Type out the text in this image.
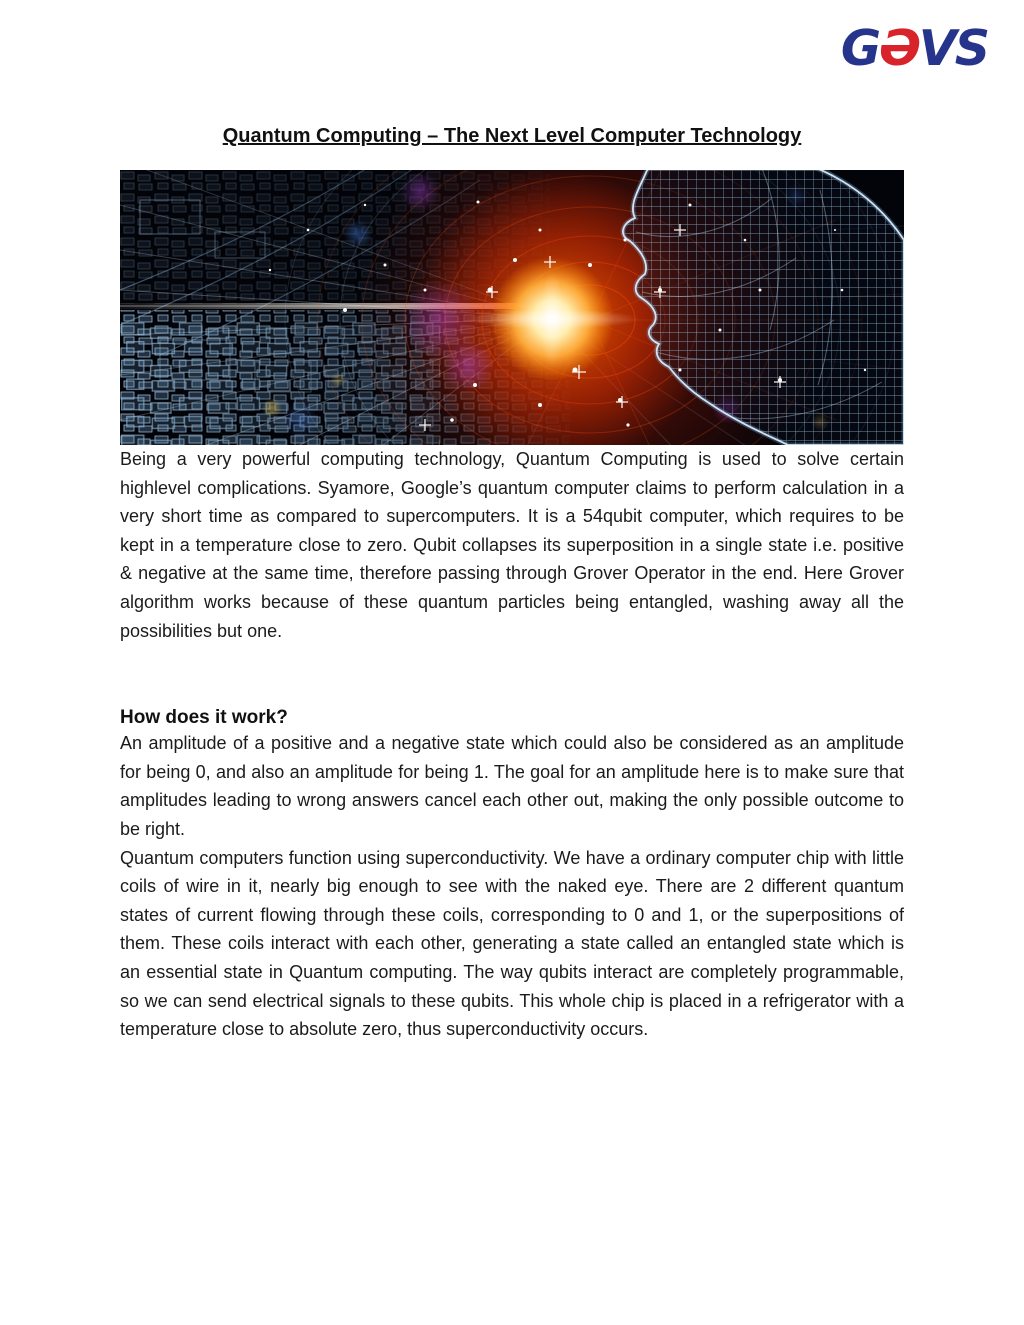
GƏVS
Quantum Computing – The Next Level Computer Technology

Being a very powerful computing technology, Quantum Computing is used to solve certain highlevel complications. Syamore, Google’s quantum computer claims to perform calculation in a very short time as compared to supercomputers. It is a 54qubit computer, which requires to be kept in a temperature close to zero. Qubit collapses its superposition in a single state i.e. positive & negative at the same time, therefore passing through Grover Operator in the end. Here Grover algorithm works because of these quantum particles being entangled, washing away all the possibilities but one.

How does it work?

An amplitude of a positive and a negative state which could also be considered as an amplitude for being 0, and also an amplitude for being 1. The goal for an amplitude here is to make sure that amplitudes leading to wrong answers cancel each other out, making the only possible outcome to be right.

Quantum computers function using superconductivity. We have a ordinary computer chip with little coils of wire in it, nearly big enough to see with the naked eye. There are 2 different quantum states of current flowing through these coils, corresponding to 0 and 1, or the superpositions of them. These coils interact with each other, generating a state called an entangled state which is an essential state in Quantum computing. The way qubits interact are completely programmable, so we can send electrical signals to these qubits. This whole chip is placed in a refrigerator with a temperature close to absolute zero, thus superconductivity occurs.
